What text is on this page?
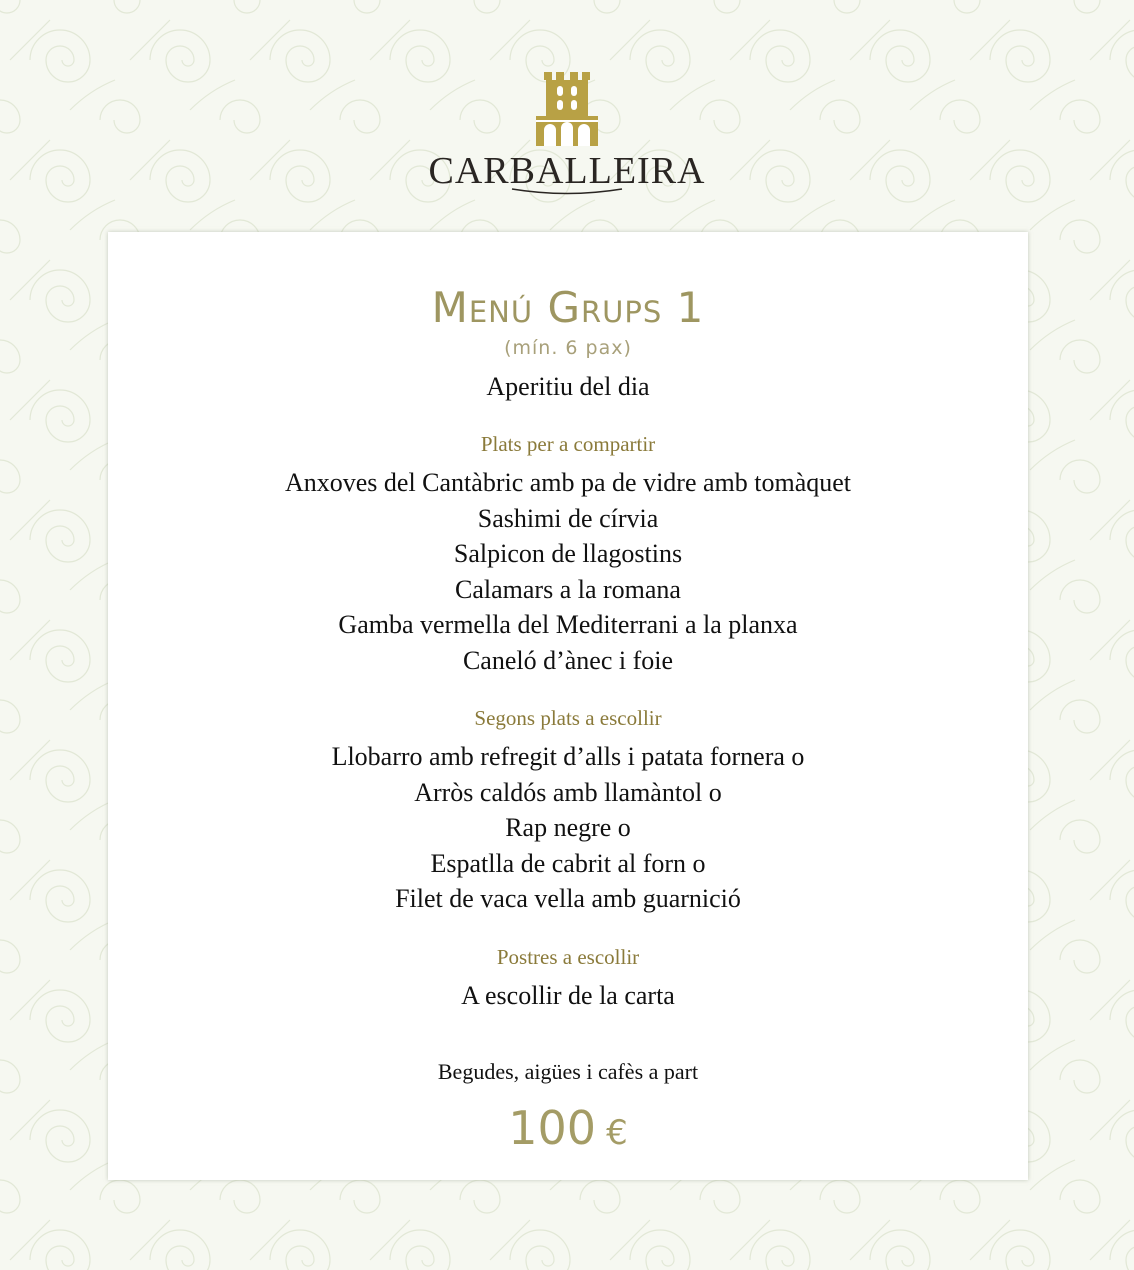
CARBALLEIRA
Menú Grups 1
(mín. 6 pax)
Aperitiu del dia
Plats per a compartir
Anxoves del Cantàbric amb pa de vidre amb tomàquet
Sashimi de círvia
Salpicon de llagostins
Calamars a la romana
Gamba vermella del Mediterrani a la planxa
Caneló d’ànec i foie
Segons plats a escollir
Llobarro amb refregit d’alls i patata fornera o
Arròs caldós amb llamàntol o
Rap negre o
Espatlla de cabrit al forn o
Filet de vaca vella amb guarnició
Postres a escollir
A escollir de la carta
Begudes, aigües i cafès a part
100 €
